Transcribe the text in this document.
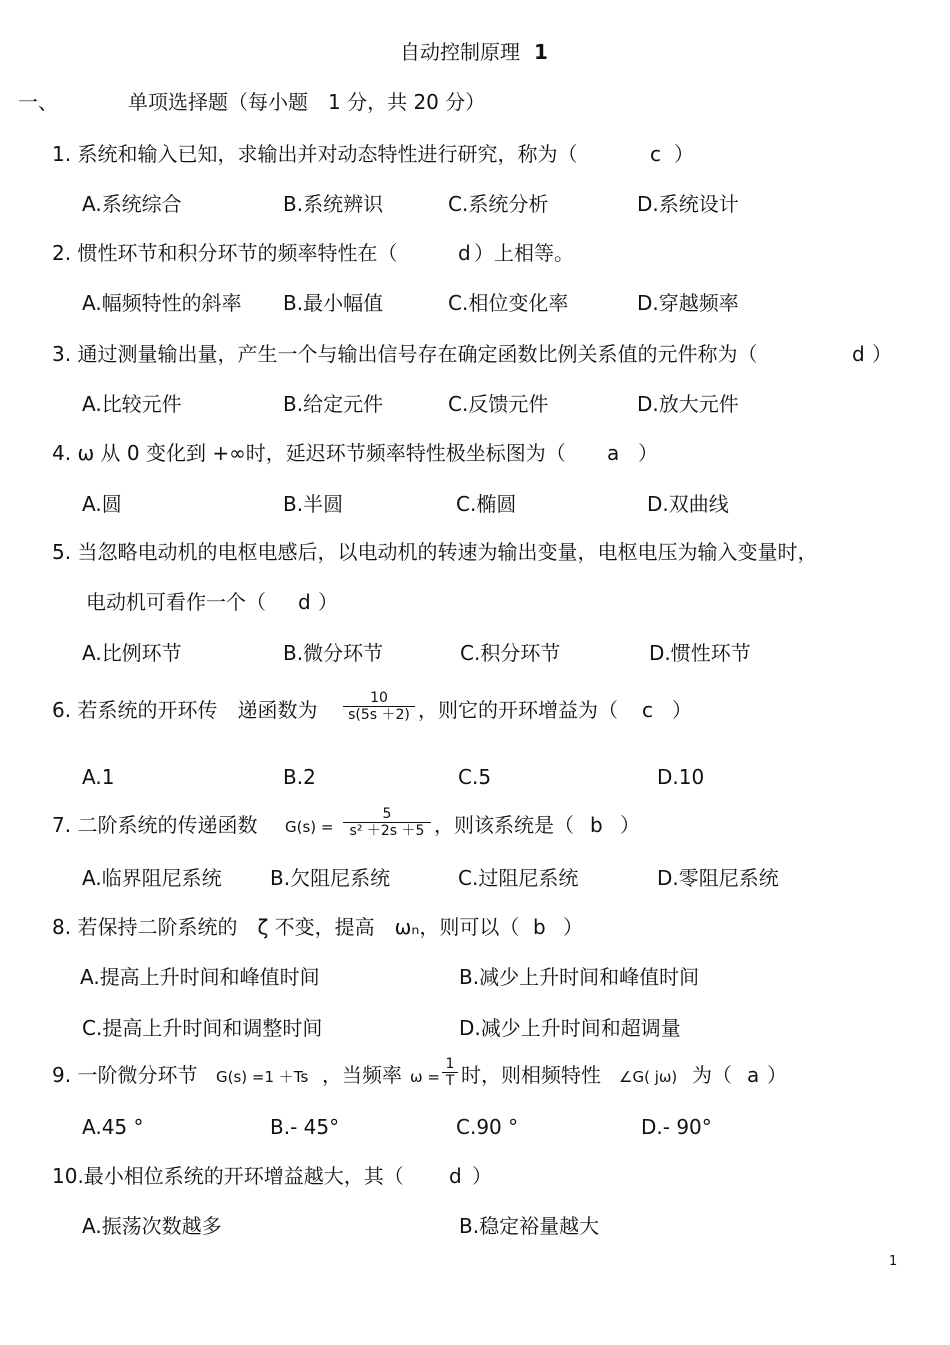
自动控制原理 1
一、	单项选择题（每小题　1 分，共 20 分）
1. 系统和输入已知，求输出并对动态特性进行研究，称为（	c ）
A.系统综合	B.系统辨识	C.系统分析	D.系统设计
2. 惯性环节和积分环节的频率特性在（	d ）上相等。
A.幅频特性的斜率 B.最小幅值	C.相位变化率	D.穿越频率
3. 通过测量输出量，产生一个与输出信号存在确定函数比例关系值的元件称为（	d ）
A.比较元件	B.给定元件	C.反馈元件	D.放大元件
4. ω 从 0 变化到 +∞时，延迟环节频率特性极坐标图为（ a ）
A.圆	B.半圆	C.椭圆	D.双曲线
5. 当忽略电动机的电枢电感后，以电动机的转速为输出变量，电枢电压为输入变量时，
电动机可看作一个（ d ）
A.比例环节	B.微分环节	C.积分环节	D.惯性环节
6. 若系统的开环传　递函数为 $\frac{10}{s(5s +2)}$ ，则它的开环增益为（ c ）
A.1	B.2	C.5	D.10
7. 二阶系统的传递函数 $G(s) = \frac{5}{\text{s² ＋2s ＋5}}$ ，则该系统是（ b ）
A.临界阻尼系统 B.欠阻尼系统	C.过阻尼系统	D.零阻尼系统
8. 若保持二阶系统的　ζ 不变，提高　ωₙ，则可以（ b ）
A.提高上升时间和峰值时间	B.减少上升时间和峰值时间
C.提高上升时间和调整时间	D.减少上升时间和超调量
9. 一阶微分环节 G(s) =1 ＋Ts ，当频率 $\omega = \frac{1}{T}$ 时，则相频特性 ∠G( jω) 为（ a ）
A.45 °	B.- 45°	C.90 °	D.- 90°
10.最小相位系统的开环增益越大，其（ d ）
A.振荡次数越多	B.稳定裕量越大
1
